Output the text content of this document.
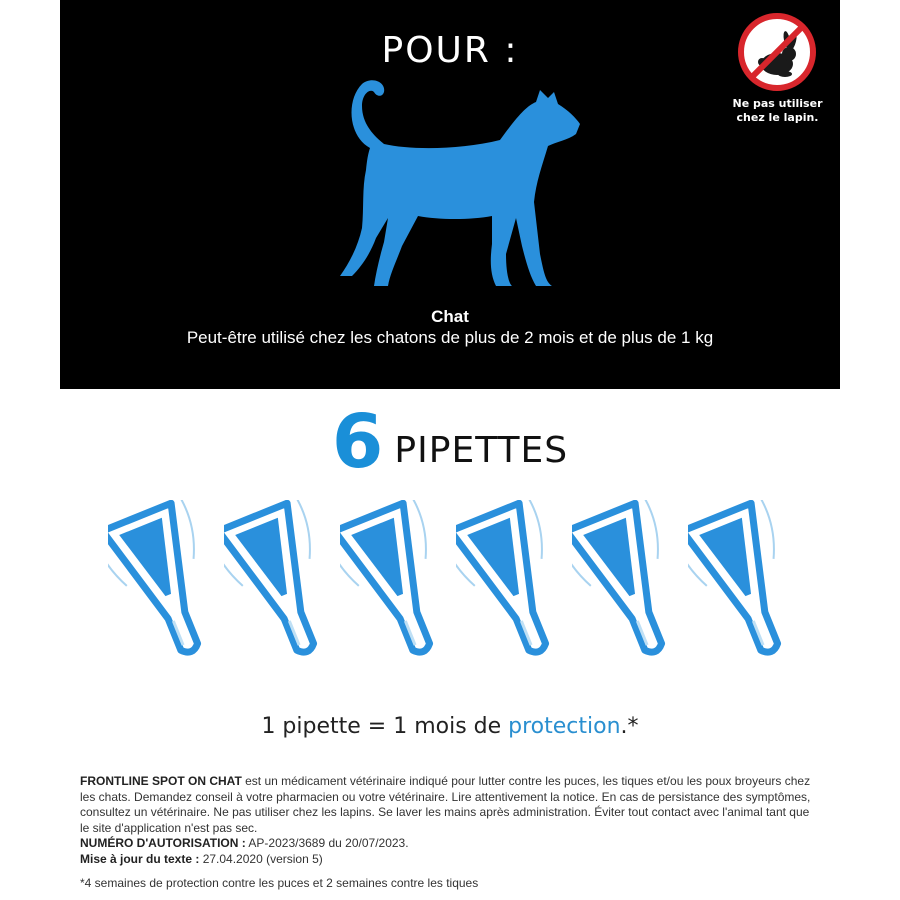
POUR :
Ne pas utiliser chez le lapin.
Chat
Peut-être utilisé chez les chatons de plus de 2 mois et de plus de 1 kg
6 PIPETTES
1 pipette = 1 mois de protection.*

FRONTLINE SPOT ON CHAT est un médicament vétérinaire indiqué pour lutter contre les puces, les tiques et/ou les poux broyeurs chez les chats. Demandez conseil à votre pharmacien ou votre vétérinaire. Lire attentivement la notice. En cas de persistance des symptômes, consultez un vétérinaire. Ne pas utiliser chez les lapins. Se laver les mains après administration. Éviter tout contact avec l'animal tant que le site d'application n'est pas sec.

NUMÉRO D'AUTORISATION : AP-2023/3689 du 20/07/2023.

Mise à jour du texte : 27.04.2020 (version 5)

*4 semaines de protection contre les puces et 2 semaines contre les tiques
